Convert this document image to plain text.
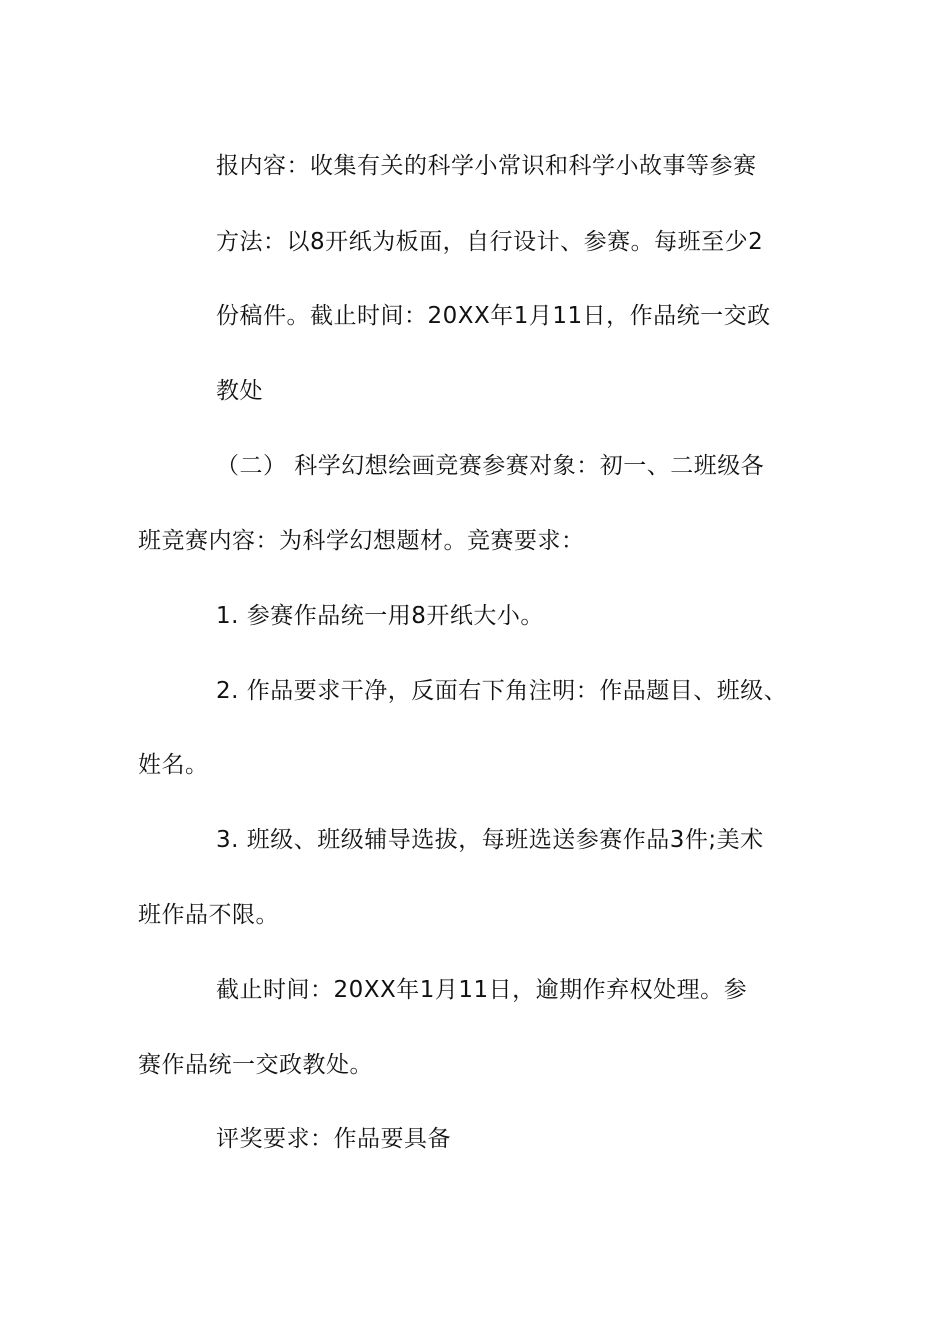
报内容：收集有关的科学小常识和科学小故事等参赛
方法：以8开纸为板面，自行设计、参赛。每班至少2
份稿件。截止时间：20XX年1月11日，作品统一交政
教处
（二） 科学幻想绘画竞赛参赛对象：初一、二班级各
班竞赛内容：为科学幻想题材。竞赛要求：
1. 参赛作品统一用8开纸大小。
2. 作品要求干净，反面右下角注明：作品题目、班级、
姓名。
3. 班级、班级辅导选拔，每班选送参赛作品3件;美术
班作品不限。
截止时间：20XX年1月11日，逾期作弃权处理。参
赛作品统一交政教处。
评奖要求：作品要具备
